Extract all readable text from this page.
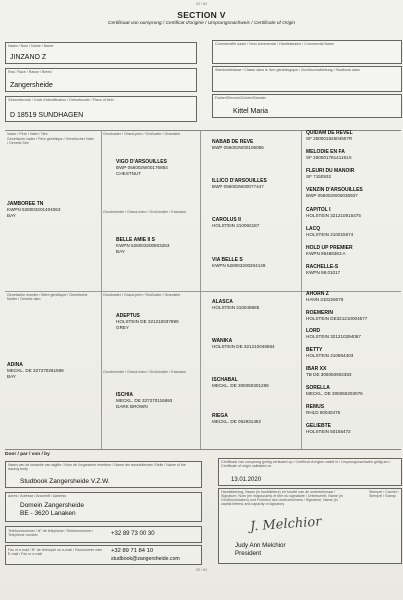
24 / 60
SECTION V
Certificaat van oorsprong / Certificat d'origine / Ursprungsnachweis / Certificate of Origin
Naam / Nom / Name / Name
JINZANO Z
Ras / Race / Rasse / Breed
Zangersheide
Geboortecode / Code d'identification / Geburtscode / Place of birth
D 18519 SUNDHAGEN
Commerciële naam / Nom commercial / Handelsname / Commercial Name
Stamboekklasse / Classe dans le livre généalogique / Zuchtbuchabteilung / Studbook class
Fokker/Eleveur/Züchter/Breeder
Kittel Maria
Vader / Père / Vater / Sire
Genetische vader / Père génétique / Genetischer Vater / Genetic Sire
Grootvader / Grand-père / Großvater / Grandsire
Grootmoeder / Grand-mère / Großmutter / Grandam
Genetische moeder / Mère génétique / Genetische Mutter / Genetic dam
Grootvader / Grand-père / Großvater / Grandsire
Grootmoeder / Grand-mère / Großmutter / Grandam
JAMBOREE TN
KWPN 528003201404063
BAY
VIGO D'ARSOUILLES
BWP 056002W00176884
CHESTNUT
BELLE AMIE II S
KWPN 528003200803253
BAY
NABAB DE REVE
BWP 056002W00106095
ILLICO D'ARSOUILLES
BWP 056002W00077447
CAROLUS II
HOLSTEIN 210092187
VIA BELLE S
KWPN 528003200204149
QUIDAM DE REVEL
SF 25000182604507R
MELODIE EN FA
SF 25000178141191X
FLEURI DU MANOIR
SF 7150932
VENZIN D'ARSOUILLES
BWP 056002W00036937
CAPITOL I
HOLSTEIN 321210615475
LACQ
HOLSTEIN 210015674
HOLD UP PREMIER
KWPN 95488363 A
RACHELLE-S
KWPN 98.01017
ADINA
MECKL. DE 327270261598
BAY
ADEPTUS
HOLSTEIN DE 321210037890
GREY
ISCHIA
MECKL. DE 327270116693
DARK BROWN
ALASCA
HOLSTEIN 210049685
WANIKA
HOLSTEIN DE 321210048684
ISCHABAL
MECKL. DE 305050301289
RIEGA
MECKL. DE 052931482
AHORN Z
HANN 310226079
ROEMERIN
HOLSTEIN DE321210004577
LORD
HOLSTEIN 321210394067
BETTY
HOLSTEIN 210864403
IBAR XX
TB DE 306060902393
SORELLA
MECKL. DE 305050203076
REMUS
RHLD 90040476
GELIEBTE
HOLSTEIN 50155472
Door / par / von / by
Naam van de instantie van afgifte / Nom de l'organisme émetteur / Name der ausstellenden Stelle / Name of the issuing body
Studbook Zangersheide V.Z.W.
Adres / Adresse / Anschrift / Address
Domein Zangersheide
BE - 3620 Lanaken
Telefoonnummer / N° de téléphone / Telefonnummer / Telephone number	+32 89 73 00 30
Fax of e-mail / N° de télécopie ou e-mail / Faxnummer oder E-mail / Fax or e-mail	+32 89 71 84 10
studbook@zangersheide.com
Certificaat van oorsprong geldig verklaard op / Certificat d'origine validé le / Ursprungsnachweis gültig am / Certificate of origin validated on
13.01.2020
Handtekening, Naam (in hoofdletters) en functie van de ondertekenaar / Signature, Nom (en majuscules) et titre du signataire / Unterschrift, Name (in Großbuchstaben) und Funktion des Unterzeichners / Signature, Name (in capital letters) and capacity of signatory
Stempel / Cachet / Stempel / Stamp
Judy Ann Melchior
President
J. Melchior
25 / 60
